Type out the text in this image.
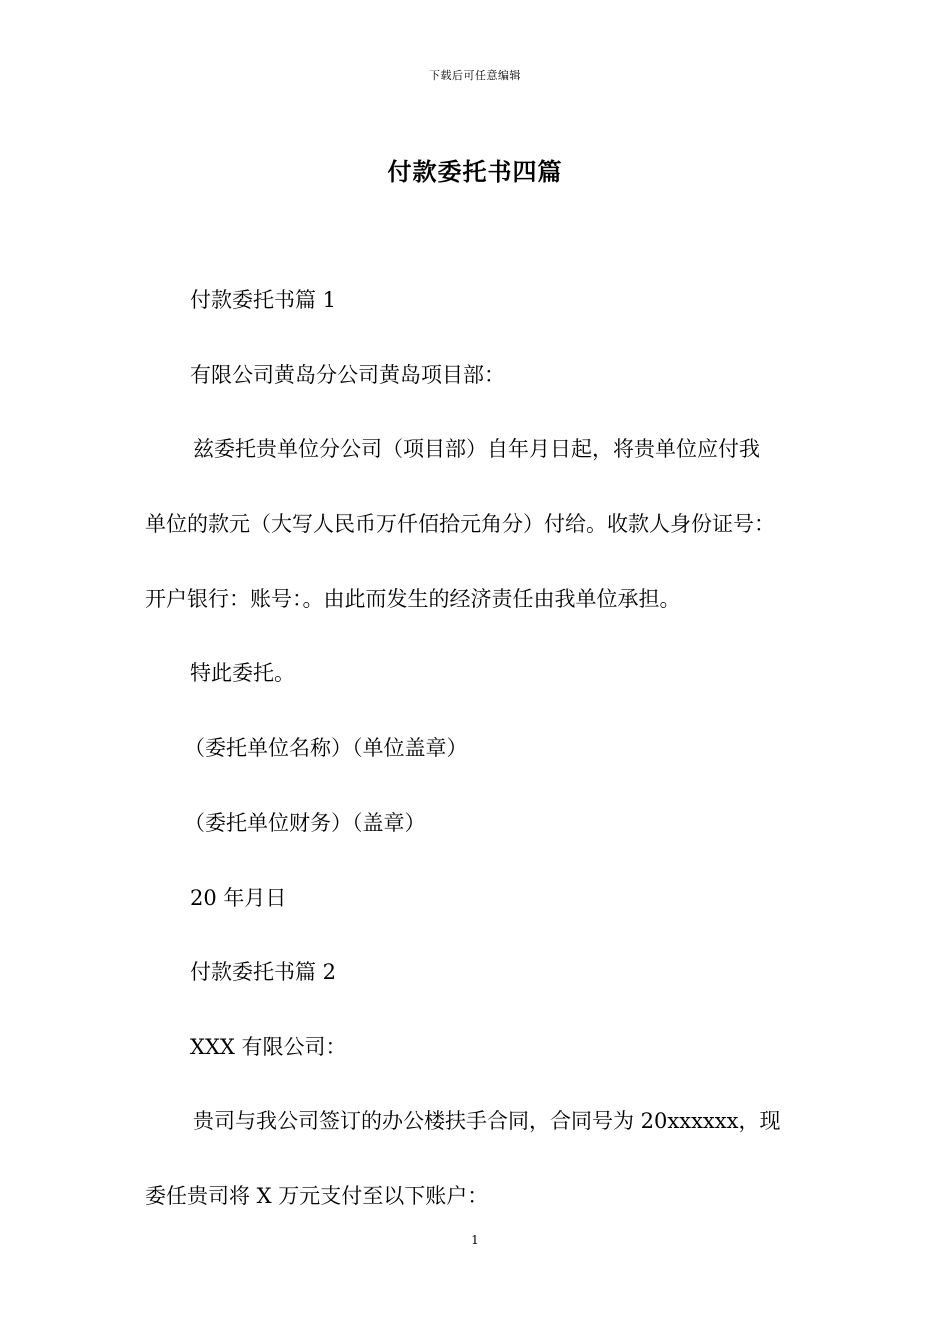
下载后可任意编辑
付款委托书四篇
付款委托书篇 1
有限公司黄岛分公司黄岛项目部：
兹委托贵单位分公司（项目部）自年月日起，将贵单位应付我
单位的款元（大写人民币万仟佰拾元角分）付给。收款人身份证号：
开户银行：账号：。由此而发生的经济责任由我单位承担。
特此委托。
（委托单位名称）（单位盖章）
（委托单位财务）（盖章）
20 年月日
付款委托书篇 2
XXX 有限公司：
贵司与我公司签订的办公楼扶手合同，合同号为 20xxxxxx，现
委任贵司将 X 万元支付至以下账户：
1
